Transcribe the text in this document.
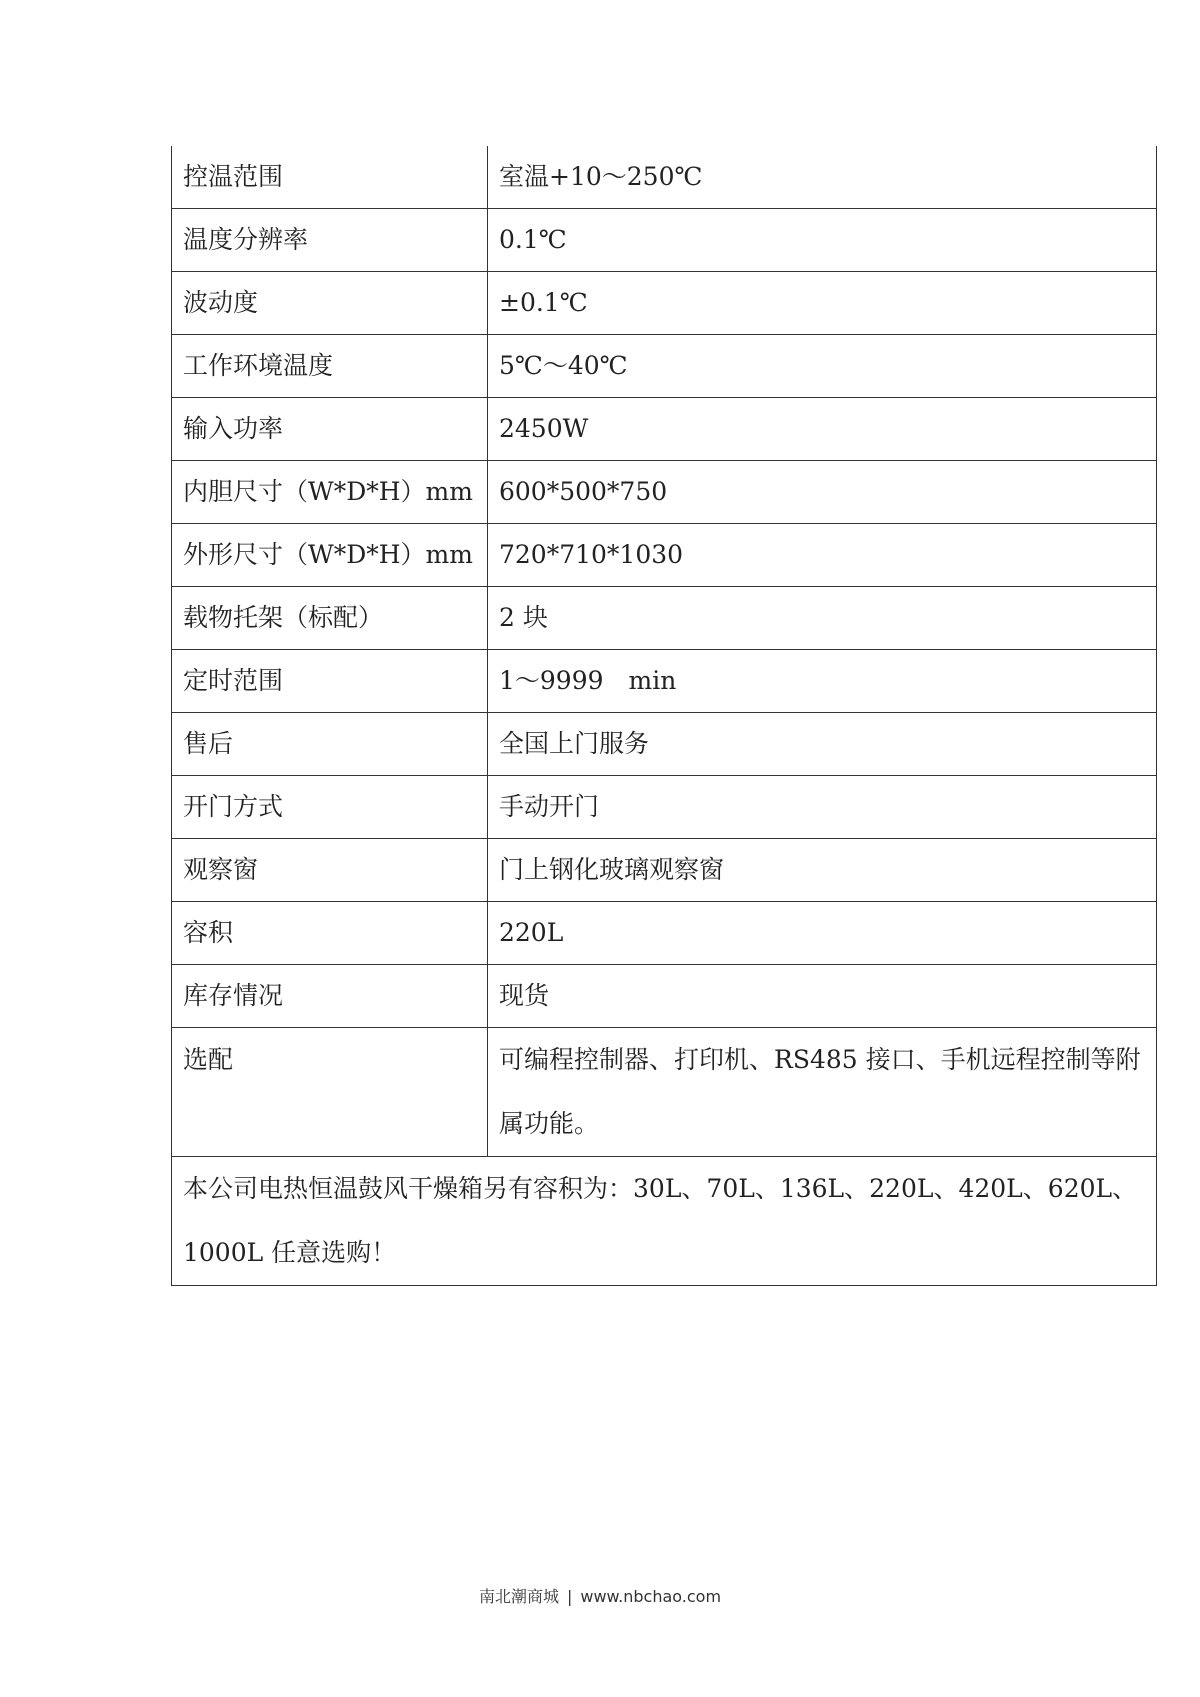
控温范围	室温+10～250℃
温度分辨率	0.1℃
波动度	±0.1℃
工作环境温度	5℃～40℃
输入功率	2450W
内胆尺寸（W*D*H）mm	600*500*750
外形尺寸（W*D*H）mm	720*710*1030
载物托架（标配）	2 块
定时范围	1～9999　min
售后	全国上门服务
开门方式	手动开门
观察窗	门上钢化玻璃观察窗
容积	220L
库存情况	现货
选配	可编程控制器、打印机、RS485 接口、手机远程控制等附属功能。
本公司电热恒温鼓风干燥箱另有容积为：30L、70L、136L、220L、420L、620L、1000L 任意选购！	
南北潮商城 | www.nbchao.com
